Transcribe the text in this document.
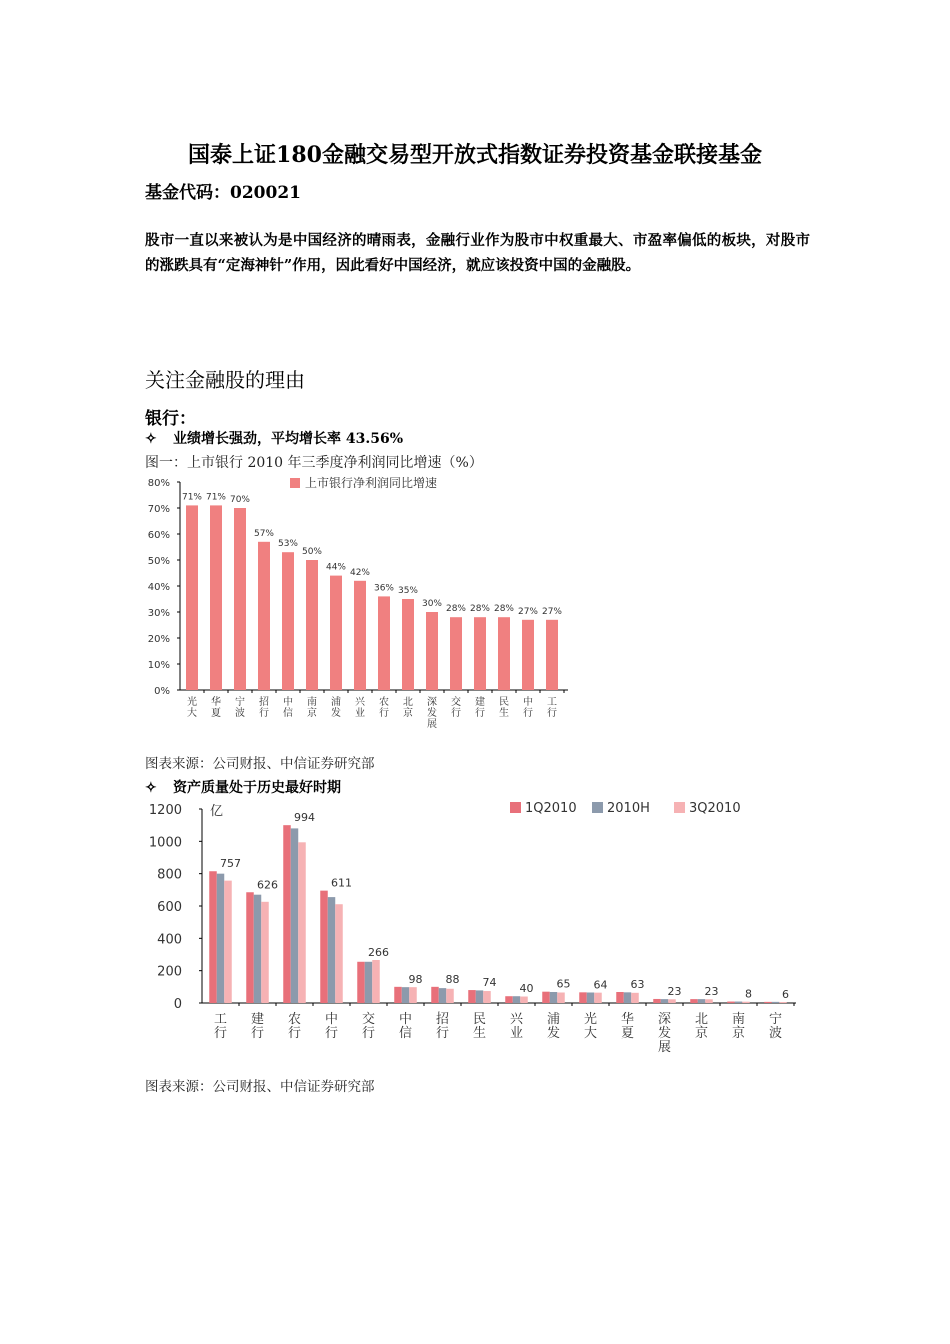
国泰上证180金融交易型开放式指数证券投资基金联接基金
基金代码：020021
股市一直以来被认为是中国经济的晴雨表，金融行业作为股市中权重最大、市盈率偏低的板块，对股市的涨跌具有“定海神针”作用，因此看好中国经济，就应该投资中国的金融股。
关注金融股的理由
银行：
✧ 业绩增长强劲，平均增长率 43.56%
图一：上市银行 2010 年三季度净利润同比增速（%）
0%
10%
20%
30%
40%
50%
60%
70%
80%	上市银行净利润同比增速
71%
光大
71%
华夏
70%
宁波
57%
招行
53%
中信
50%
南京
44%
浦发
42%
兴业
36%
农行
35%
北京
30%
深发展
28%
交行
28%
建行
28%
民生
27%
中行
27%
工行
图表来源：公司财报、中信证券研究部
✧ 资产质量处于历史最好时期
0
200
400
600
800
1000
1200 亿	1Q2010 2010H	3Q2010
757
工行
626
建行
994
农行
611
中行
266
交行
98
中信
88
招行
74
民生
40
兴业
65
浦发
64
光大
63
华夏
23
深发展
23
北京
8
南京
6
宁波
图表来源：公司财报、中信证券研究部
